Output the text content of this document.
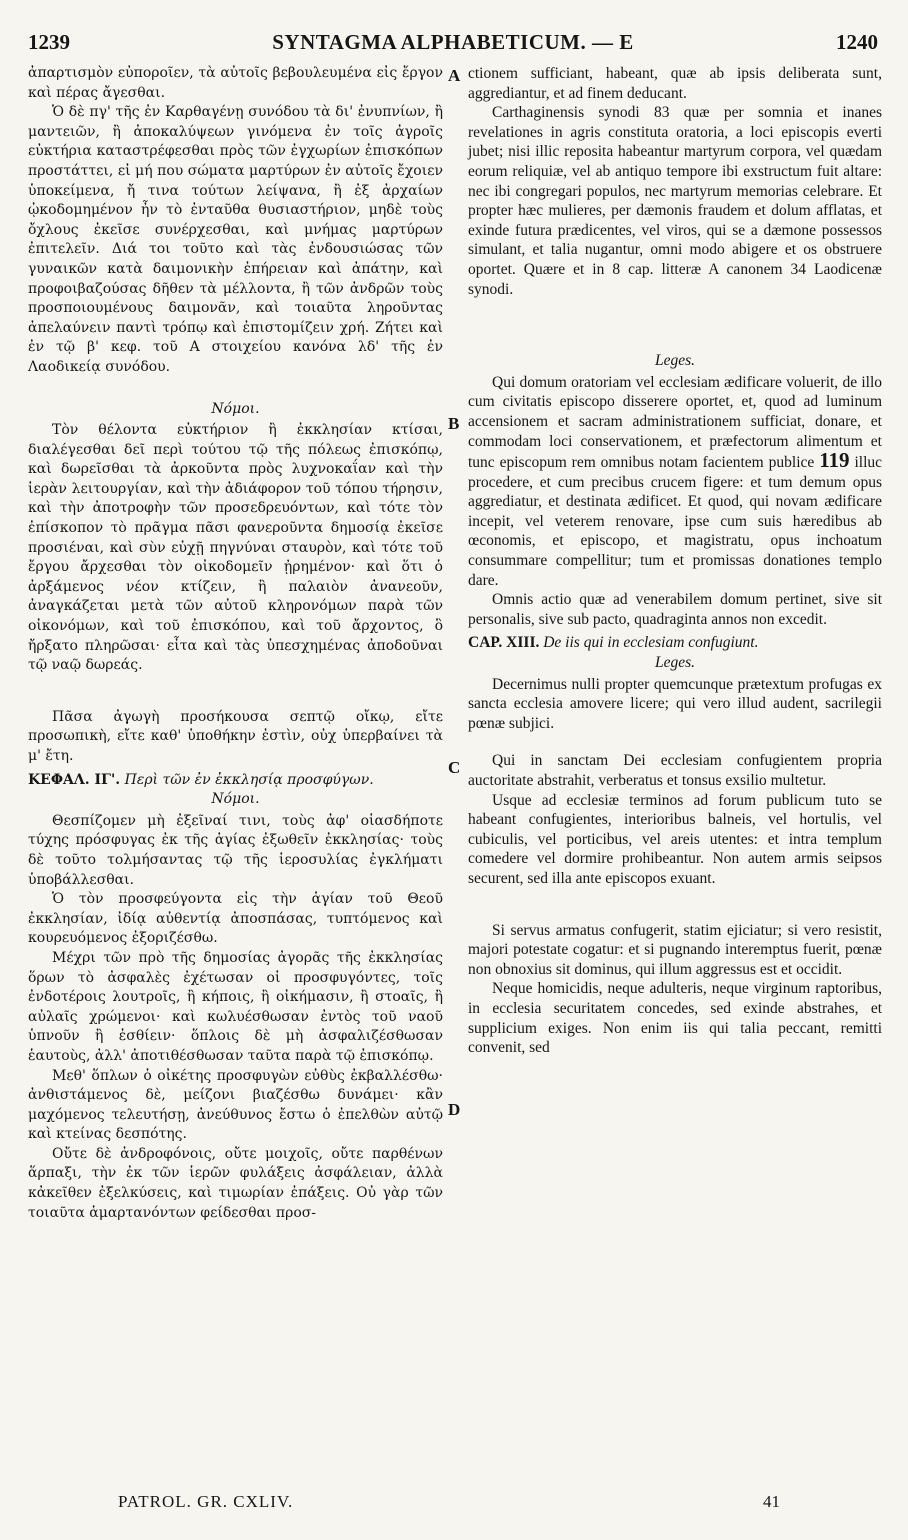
1239	SYNTAGMA ALPHABETICUM. — E	1240

ἀπαρτισμὸν εὐποροῖεν, τὰ αὐτοῖς βεβουλευμένα εἰς ἔργον καὶ πέρας ἄγεσθαι.

Ὁ δὲ πγ' τῆς ἐν Καρθαγένῃ συνόδου τὰ δι' ἐνυπνίων, ἢ μαντειῶν, ἢ ἀποκαλύψεων γινόμενα ἐν τοῖς ἀγροῖς εὐκτήρια καταστρέφεσθαι πρὸς τῶν ἐγχωρίων ἐπισκόπων προστάττει, εἰ μή που σώματα μαρτύρων ἐν αὐτοῖς ἔχοιεν ὑποκείμενα, ἤ τινα τούτων λείψανα, ἢ ἐξ ἀρχαίων ᾠκοδομημένον ἦν τὸ ἐνταῦθα θυσιαστήριον, μηδὲ τοὺς ὄχλους ἐκεῖσε συνέρχεσθαι, καὶ μνήμας μαρτύρων ἐπιτελεῖν. Διά τοι τοῦτο καὶ τὰς ἐνδουσιώσας τῶν γυναικῶν κατὰ δαιμονικὴν ἐπήρειαν καὶ ἀπάτην, καὶ προφοιβαζούσας δῆθεν τὰ μέλλοντα, ἢ τῶν ἀνδρῶν τοὺς προσποιουμένους δαιμονᾶν, καὶ τοιαῦτα ληροῦντας ἀπελαύνειν παντὶ τρόπῳ καὶ ἐπιστομίζειν χρή. Ζήτει καὶ ἐν τῷ β' κεφ. τοῦ Α στοιχείου κανόνα λδ' τῆς ἐν Λαοδικείᾳ συνόδου.

Νόμοι.

Τὸν θέλοντα εὐκτήριον ἢ ἐκκλησίαν κτίσαι, διαλέγεσθαι δεῖ περὶ τούτου τῷ τῆς πόλεως ἐπισκόπῳ, καὶ δωρεῖσθαι τὰ ἀρκοῦντα πρὸς λυχνοκαΐαν καὶ τὴν ἱερὰν λειτουργίαν, καὶ τὴν ἀδιάφορον τοῦ τόπου τήρησιν, καὶ τὴν ἀποτροφὴν τῶν προσεδρευόντων, καὶ τότε τὸν ἐπίσκοπον τὸ πρᾶγμα πᾶσι φανεροῦντα δημοσίᾳ ἐκεῖσε προσιέναι, καὶ σὺν εὐχῇ πηγνύναι σταυρὸν, καὶ τότε τοῦ ἔργου ἄρχεσθαι τὸν οἰκοδομεῖν ᾐρημένον· καὶ ὅτι ὁ ἀρξάμενος νέον κτίζειν, ἢ παλαιὸν ἀνανεοῦν, ἀναγκάζεται μετὰ τῶν αὐτοῦ κληρονόμων παρὰ τῶν οἰκονόμων, καὶ τοῦ ἐπισκόπου, καὶ τοῦ ἄρχοντος, ὃ ἤρξατο πληρῶσαι· εἶτα καὶ τὰς ὑπεσχημένας ἀποδοῦναι τῷ ναῷ δωρεάς.

Πᾶσα ἀγωγὴ προσήκουσα σεπτῷ οἴκῳ, εἴτε προσωπικὴ, εἴτε καθ' ὑποθήκην ἐστὶν, οὐχ ὑπερβαίνει τὰ μ' ἔτη.

ΚΕΦΑΛ. ΙΓ'. Περὶ τῶν ἐν ἐκκλησίᾳ προσφύγων.

Νόμοι.

Θεσπίζομεν μὴ ἐξεῖναί τινι, τοὺς ἀφ' οἱασδήποτε τύχης πρόσφυγας ἐκ τῆς ἁγίας ἐξωθεῖν ἐκκλησίας· τοὺς δὲ τοῦτο τολμήσαντας τῷ τῆς ἱεροσυλίας ἐγκλήματι ὑποβάλλεσθαι.

Ὁ τὸν προσφεύγοντα εἰς τὴν ἁγίαν τοῦ Θεοῦ ἐκκλησίαν, ἰδίᾳ αὐθεντίᾳ ἀποσπάσας, τυπτόμενος καὶ κουρευόμενος ἐξοριζέσθω.

Μέχρι τῶν πρὸ τῆς δημοσίας ἀγορᾶς τῆς ἐκκλησίας ὅρων τὸ ἀσφαλὲς ἐχέτωσαν οἱ προσφυγόντες, τοῖς ἐνδοτέροις λουτροῖς, ἢ κήποις, ἢ οἰκήμασιν, ἢ στοαῖς, ἢ αὐλαῖς χρώμενοι· καὶ κωλυέσθωσαν ἐντὸς τοῦ ναοῦ ὑπνοῦν ἢ ἐσθίειν· ὅπλοις δὲ μὴ ἀσφαλιζέσθωσαν ἑαυτοὺς, ἀλλ' ἀποτιθέσθωσαν ταῦτα παρὰ τῷ ἐπισκόπῳ.

Μεθ' ὅπλων ὁ οἰκέτης προσφυγὼν εὐθὺς ἐκβαλλέσθω· ἀνθιστάμενος δὲ, μείζονι βιαζέσθω δυνάμει· κἂν μαχόμενος τελευτήσῃ, ἀνεύθυνος ἔστω ὁ ἐπελθὼν αὐτῷ καὶ κτείνας δεσπότης.

Οὔτε δὲ ἀνδροφόνοις, οὔτε μοιχοῖς, οὔτε παρθένων ἅρπαξι, τὴν ἐκ τῶν ἱερῶν φυλάξεις ἀσφάλειαν, ἀλλὰ κἀκεῖθεν ἐξελκύσεις, καὶ τιμωρίαν ἐπάξεις. Οὐ γὰρ τῶν τοιαῦτα ἁμαρτανόντων φείδεσθαι προσ-

ctionem sufficiant, habeant, quæ ab ipsis deliberata sunt, aggrediantur, et ad finem deducant.

Carthaginensis synodi 83 quæ per somnia et inanes revelationes in agris constituta oratoria, a loci episcopis everti jubet; nisi illic reposita habeantur martyrum corpora, vel quædam eorum reliquiæ, vel ab antiquo tempore ibi exstructum fuit altare: nec ibi congregari populos, nec martyrum memorias celebrare. Et propter hæc mulieres, per dæmonis fraudem et dolum afflatas, et exinde futura prædicentes, vel viros, qui se a dæmone possessos simulant, et talia nugantur, omni modo abigere et os obstruere oportet. Quære et in 8 cap. litteræ A canonem 34 Laodicenæ synodi.

Leges.

Qui domum oratoriam vel ecclesiam ædificare voluerit, de illo cum civitatis episcopo disserere oportet, et, quod ad luminum accensionem et sacram administrationem sufficiat, donare, et commodam loci conservationem, et præfectorum alimentum et tunc episcopum rem omnibus notam facientem publice 119 illuc procedere, et cum precibus crucem figere: et tum demum opus aggrediatur, et destinata ædificet. Et quod, qui novam ædificare incepit, vel veterem renovare, ipse cum suis hæredibus ab œconomis, et episcopo, et magistratu, opus inchoatum consummare compellitur; tum et promissas donationes templo dare.

Omnis actio quæ ad venerabilem domum pertinet, sive sit personalis, sive sub pacto, quadraginta annos non excedit.

CAP. XIII. De iis qui in ecclesiam confugiunt.

Leges.

Decernimus nulli propter quemcunque prætextum profugas ex sancta ecclesia amovere licere; qui vero illud audent, sacrilegii pœnæ subjici.

Qui in sanctam Dei ecclesiam confugientem propria auctoritate abstrahit, verberatus et tonsus exsilio multetur.

Usque ad ecclesiæ terminos ad forum publicum tuto se habeant confugientes, interioribus balneis, vel hortulis, vel cubiculis, vel porticibus, vel areis utentes: et intra templum comedere vel dormire prohibeantur. Non autem armis seipsos securent, sed illa ante episcopos exuant.

Si servus armatus confugerit, statim ejiciatur; si vero resistit, majori potestate cogatur: et si pugnando interemptus fuerit, pœnæ non obnoxius sit dominus, qui illum aggressus est et occidit.

Neque homicidis, neque adulteris, neque virginum raptoribus, in ecclesia securitatem concedes, sed exinde abstrahes, et supplicium exiges. Non enim iis qui talia peccant, remitti convenit, sed

A
B
C
D
PATROL. GR. CXLIV.	41
